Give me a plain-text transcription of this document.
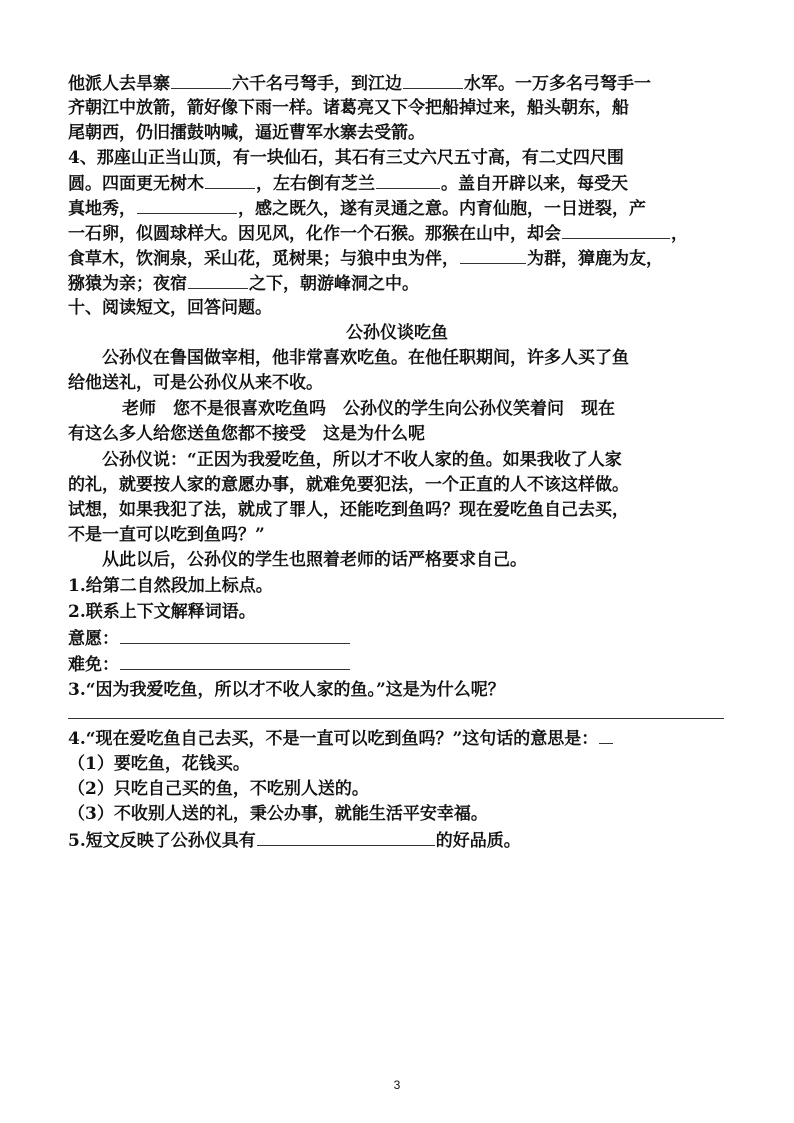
他派人去旱寨	六千名弓弩手，到江边	水军。一万多名弓弩手一
齐朝江中放箭，箭好像下雨一样。诸葛亮又下令把船掉过来，船头朝东，船
尾朝西，仍旧擂鼓呐喊，逼近曹军水寨去受箭。
4、那座山正当山顶，有一块仙石，其石有三丈六尺五寸高，有二丈四尺围
圆。四面更无树木	，左右倒有芝兰	。盖自开辟以来，每受天
真地秀，	，感之既久，遂有灵通之意。内育仙胞，一日迸裂，产
一石卵，似圆球样大。因见风，化作一个石猴。那猴在山中，却会	，
食草木，饮涧泉，采山花，觅树果；与狼中虫为伴，	为群，獐鹿为友，
猕猿为亲；夜宿	之下，朝游峰洞之中。
十、阅读短文，回答问题。
公孙仪谈吃鱼
公孙仪在鲁国做宰相，他非常喜欢吃鱼。在他任职期间，许多人买了鱼
给他送礼，可是公孙仪从来不收。
老师　您不是很喜欢吃鱼吗　公孙仪的学生向公孙仪笑着问　现在
有这么多人给您送鱼您都不接受　这是为什么呢
公孙仪说：“正因为我爱吃鱼，所以才不收人家的鱼。如果我收了人家
的礼，就要按人家的意愿办事，就难免要犯法，一个正直的人不该这样做。
试想，如果我犯了法，就成了罪人，还能吃到鱼吗？现在爱吃鱼自己去买，
不是一直可以吃到鱼吗？”
从此以后，公孙仪的学生也照着老师的话严格要求自己。
1.给第二自然段加上标点。
2.联系上下文解释词语。
意愿：
难免：
3.“因为我爱吃鱼，所以才不收人家的鱼。”这是为什么呢？
4.“现在爱吃鱼自己去买，不是一直可以吃到鱼吗？”这句话的意思是：
（1）要吃鱼，花钱买。
（2）只吃自己买的鱼，不吃别人送的。
（3）不收别人送的礼，秉公办事，就能生活平安幸福。
5.短文反映了公孙仪具有	的好品质。
3
